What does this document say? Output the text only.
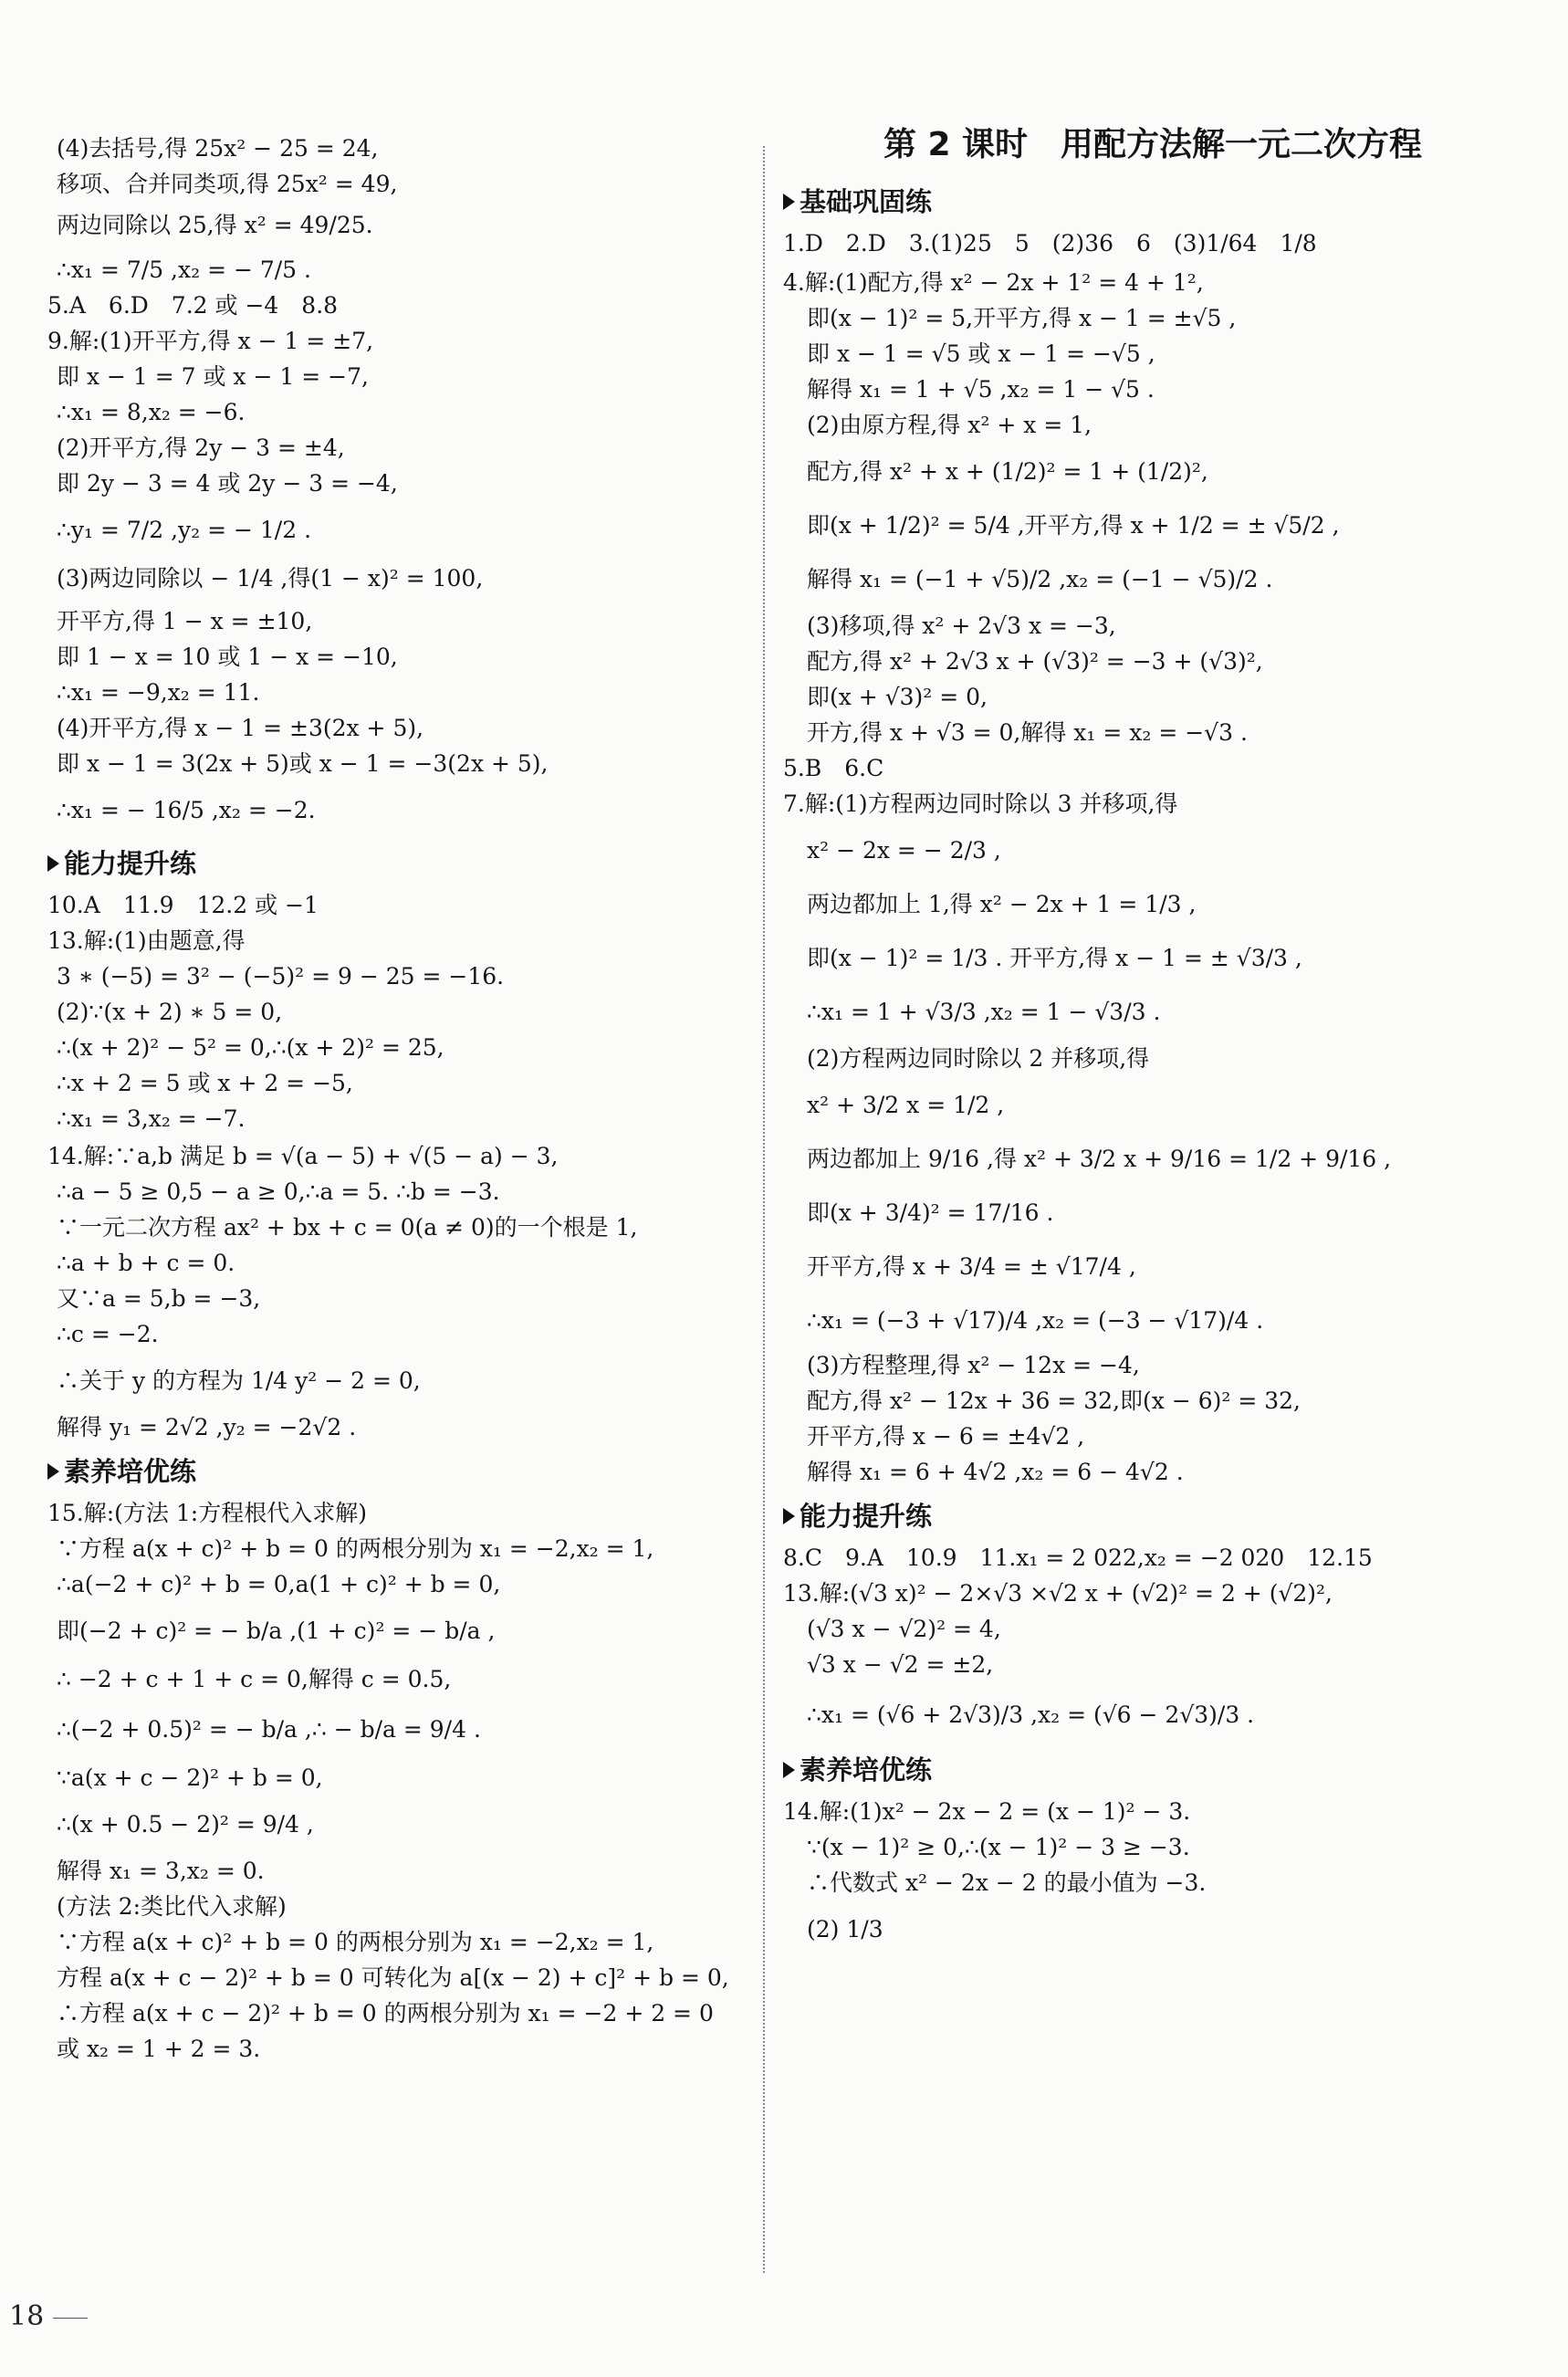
(4)去括号,得 25x² − 25 = 24,
移项、合并同类项,得 25x² = 49,
两边同除以 25,得 x² = 49/25.
∴x₁ = 7/5 ,x₂ = − 7/5 .
5.A　6.D　7.2 或 −4　8.8
9.解:(1)开平方,得 x − 1 = ±7,
即 x − 1 = 7 或 x − 1 = −7,
∴x₁ = 8,x₂ = −6.
(2)开平方,得 2y − 3 = ±4,
即 2y − 3 = 4 或 2y − 3 = −4,
∴y₁ = 7/2 ,y₂ = − 1/2 .
(3)两边同除以 − 1/4 ,得(1 − x)² = 100,
开平方,得 1 − x = ±10,
即 1 − x = 10 或 1 − x = −10,
∴x₁ = −9,x₂ = 11.
(4)开平方,得 x − 1 = ±3(2x + 5),
即 x − 1 = 3(2x + 5)或 x − 1 = −3(2x + 5),
∴x₁ = − 16/5 ,x₂ = −2.
能力提升练
10.A　11.9　12.2 或 −1
13.解:(1)由题意,得
3 ∗ (−5) = 3² − (−5)² = 9 − 25 = −16.
(2)∵(x + 2) ∗ 5 = 0,
∴(x + 2)² − 5² = 0,∴(x + 2)² = 25,
∴x + 2 = 5 或 x + 2 = −5,
∴x₁ = 3,x₂ = −7.
14.解:∵a,b 满足 b = √(a − 5) + √(5 − a) − 3,
∴a − 5 ≥ 0,5 − a ≥ 0,∴a = 5. ∴b = −3.
∵一元二次方程 ax² + bx + c = 0(a ≠ 0)的一个根是 1,
∴a + b + c = 0.
又∵a = 5,b = −3,
∴c = −2.
∴关于 y 的方程为 1/4 y² − 2 = 0,
解得 y₁ = 2√2 ,y₂ = −2√2 .
素养培优练
15.解:(方法 1:方程根代入求解)
∵方程 a(x + c)² + b = 0 的两根分别为 x₁ = −2,x₂ = 1,
∴a(−2 + c)² + b = 0,a(1 + c)² + b = 0,
即(−2 + c)² = − b/a ,(1 + c)² = − b/a ,
∴ −2 + c + 1 + c = 0,解得 c = 0.5,
∴(−2 + 0.5)² = − b/a ,∴ − b/a = 9/4 .
∵a(x + c − 2)² + b = 0,
∴(x + 0.5 − 2)² = 9/4 ,
解得 x₁ = 3,x₂ = 0.
(方法 2:类比代入求解)
∵方程 a(x + c)² + b = 0 的两根分别为 x₁ = −2,x₂ = 1,
方程 a(x + c − 2)² + b = 0 可转化为 a[(x − 2) + c]² + b = 0,
∴方程 a(x + c − 2)² + b = 0 的两根分别为 x₁ = −2 + 2 = 0
或 x₂ = 1 + 2 = 3.
第 2 课时　用配方法解一元二次方程
基础巩固练
1.D　2.D　3.(1)25　5　(2)36　6　(3)1/64　1/8
4.解:(1)配方,得 x² − 2x + 1² = 4 + 1²,
即(x − 1)² = 5,开平方,得 x − 1 = ±√5 ,
即 x − 1 = √5 或 x − 1 = −√5 ,
解得 x₁ = 1 + √5 ,x₂ = 1 − √5 .
(2)由原方程,得 x² + x = 1,
配方,得 x² + x + (1/2)² = 1 + (1/2)²,
即(x + 1/2)² = 5/4 ,开平方,得 x + 1/2 = ± √5/2 ,
解得 x₁ = (−1 + √5)/2 ,x₂ = (−1 − √5)/2 .
(3)移项,得 x² + 2√3 x = −3,
配方,得 x² + 2√3 x + (√3)² = −3 + (√3)²,
即(x + √3)² = 0,
开方,得 x + √3 = 0,解得 x₁ = x₂ = −√3 .
5.B　6.C
7.解:(1)方程两边同时除以 3 并移项,得
x² − 2x = − 2/3 ,
两边都加上 1,得 x² − 2x + 1 = 1/3 ,
即(x − 1)² = 1/3 . 开平方,得 x − 1 = ± √3/3 ,
∴x₁ = 1 + √3/3 ,x₂ = 1 − √3/3 .
(2)方程两边同时除以 2 并移项,得
x² + 3/2 x = 1/2 ,
两边都加上 9/16 ,得 x² + 3/2 x + 9/16 = 1/2 + 9/16 ,
即(x + 3/4)² = 17/16 .
开平方,得 x + 3/4 = ± √17/4 ,
∴x₁ = (−3 + √17)/4 ,x₂ = (−3 − √17)/4 .
(3)方程整理,得 x² − 12x = −4,
配方,得 x² − 12x + 36 = 32,即(x − 6)² = 32,
开平方,得 x − 6 = ±4√2 ,
解得 x₁ = 6 + 4√2 ,x₂ = 6 − 4√2 .
能力提升练
8.C　9.A　10.9　11.x₁ = 2 022,x₂ = −2 020　12.15
13.解:(√3 x)² − 2×√3 ×√2 x + (√2)² = 2 + (√2)²,
(√3 x − √2)² = 4,
√3 x − √2 = ±2,
∴x₁ = (√6 + 2√3)/3 ,x₂ = (√6 − 2√3)/3 .
素养培优练
14.解:(1)x² − 2x − 2 = (x − 1)² − 3.
∵(x − 1)² ≥ 0,∴(x − 1)² − 3 ≥ −3.
∴代数式 x² − 2x − 2 的最小值为 −3.
(2) 1/3
18
